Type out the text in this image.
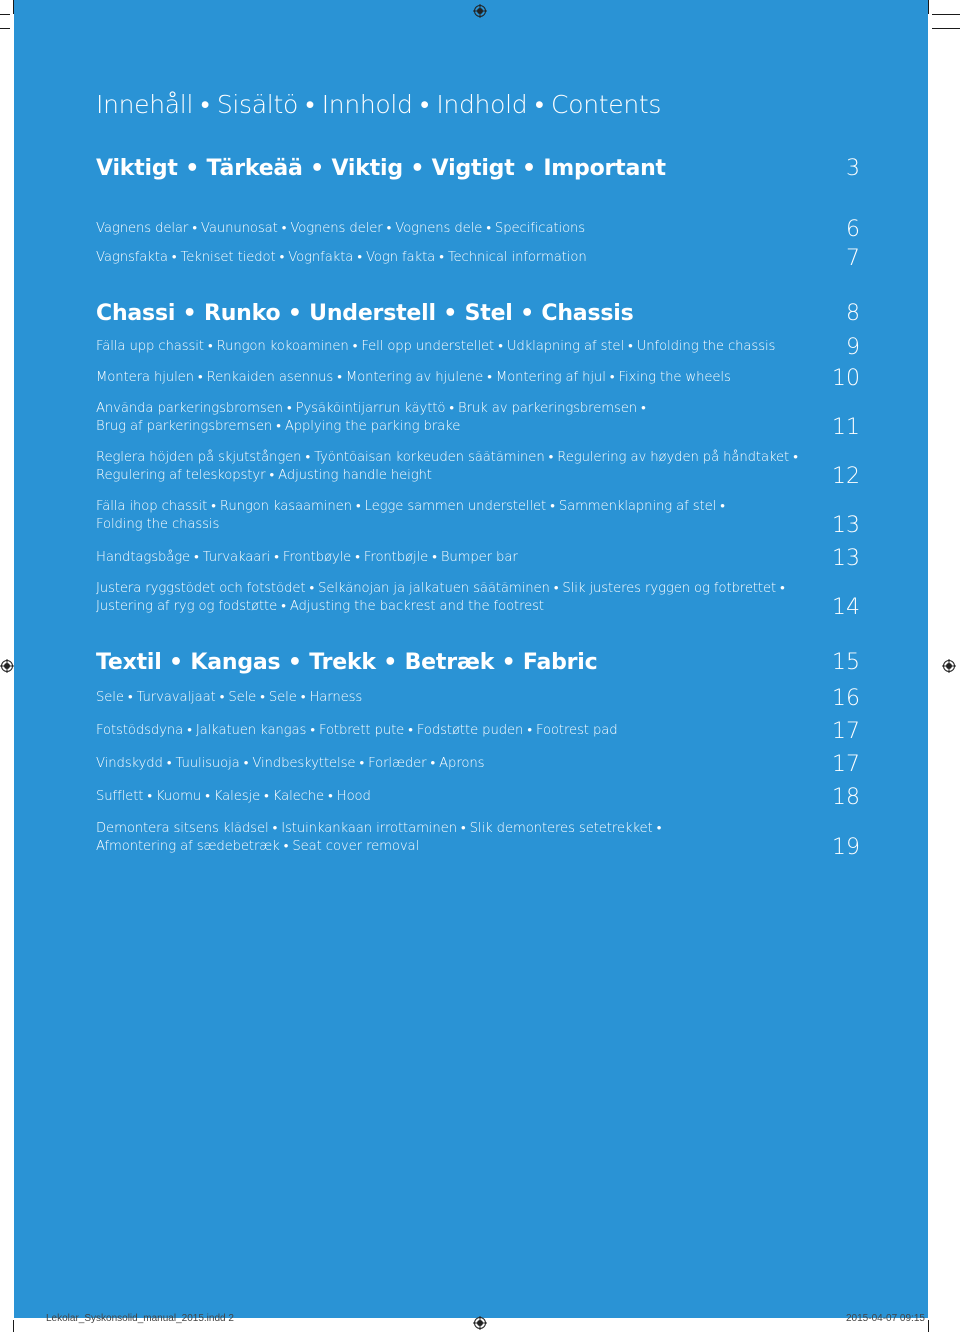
Innehåll • Sisältö • Innhold • Indhold • Contents
Viktigt • Tärkeää • Viktig • Vigtigt • Important	3
Vagnens delar • Vaununosat • Vognens deler • Vognens dele • Specifications	6
Vagnsfakta • Tekniset tiedot • Vognfakta • Vogn fakta • Technical information	7
Chassi • Runko • Understell • Stel • Chassis	8
Fälla upp chassit • Rungon kokoaminen • Fell opp understellet • Udklapning af stel • Unfolding the chassis	9
Montera hjulen • Renkaiden asennus • Montering av hjulene • Montering af hjul • Fixing the wheels	10
Använda parkeringsbromsen • Pysäköintijarrun käyttö • Bruk av parkeringsbremsen •
Brug af parkeringsbremsen • Applying the parking brake	11
Reglera höjden på skjutstången • Työntöaisan korkeuden säätäminen • Regulering av høyden på håndtaket •
Regulering af teleskopstyr • Adjusting handle height	12
Fälla ihop chassit • Rungon kasaaminen • Legge sammen understellet • Sammenklapning af stel •
Folding the chassis	13
Handtagsbåge • Turvakaari • Frontbøyle • Frontbøjle • Bumper bar	13
Justera ryggstödet och fotstödet • Selkänojan ja jalkatuen säätäminen • Slik justeres ryggen og fotbrettet •
Justering af ryg og fodstøtte • Adjusting the backrest and the footrest	14
Textil • Kangas • Trekk • Betræk • Fabric	15
Sele • Turvavaljaat • Sele • Sele • Harness	16
Fotstödsdyna • Jalkatuen kangas • Fotbrett pute • Fodstøtte puden • Footrest pad	17
Vindskydd • Tuulisuoja • Vindbeskyttelse • Forlæder • Aprons	17
Sufflett • Kuomu • Kalesje • Kaleche • Hood	18
Demontera sitsens klädsel • Istuinkankaan irrottaminen • Slik demonteres setetrekket •
Afmontering af sædebetræk • Seat cover removal	19
Lekolar_Syskonsolid_manual_2015.indd 2	2015-04-07 09:15
